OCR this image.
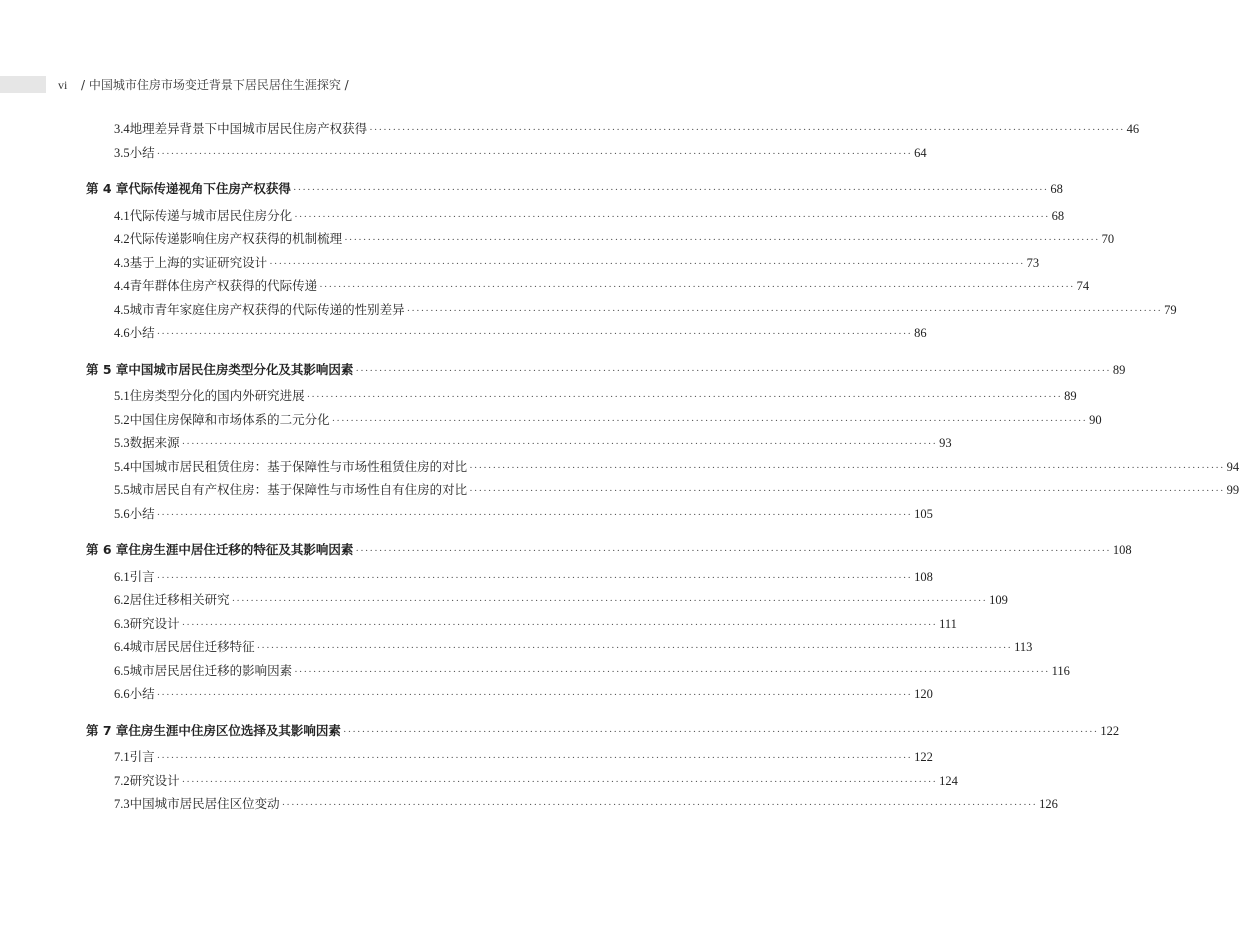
vi / 中国城市住房市场变迁背景下居民居住生涯探究 /
3.4 地理差异背景下中国城市居民住房产权获得 ·····	46
3.5 小结 ·····	64
第 4 章 代际传递视角下住房产权获得 ·····	68
4.1 代际传递与城市居民住房分化 ·····	68
4.2 代际传递影响住房产权获得的机制梳理 ·····	70
4.3 基于上海的实证研究设计 ·····	73
4.4 青年群体住房产权获得的代际传递 ·····	74
4.5 城市青年家庭住房产权获得的代际传递的性别差异 ·····	79
4.6 小结 ·····	86
第 5 章 中国城市居民住房类型分化及其影响因素 ·····	89
5.1 住房类型分化的国内外研究进展 ·····	89
5.2 中国住房保障和市场体系的二元分化 ·····	90
5.3 数据来源 ·····	93
5.4 中国城市居民租赁住房：基于保障性与市场性租赁住房的对比 ·····	94
5.5 城市居民自有产权住房：基于保障性与市场性自有住房的对比 ·····	99
5.6 小结 ·····	105
第 6 章 住房生涯中居住迁移的特征及其影响因素 ·····	108
6.1 引言 ·····	108
6.2 居住迁移相关研究 ·····	109
6.3 研究设计 ·····	111
6.4 城市居民居住迁移特征 ·····	113
6.5 城市居民居住迁移的影响因素 ·····	116
6.6 小结 ·····	120
第 7 章 住房生涯中住房区位选择及其影响因素 ·····	122
7.1 引言 ·····	122
7.2 研究设计 ·····	124
7.3 中国城市居民居住区位变动 ·····	126
